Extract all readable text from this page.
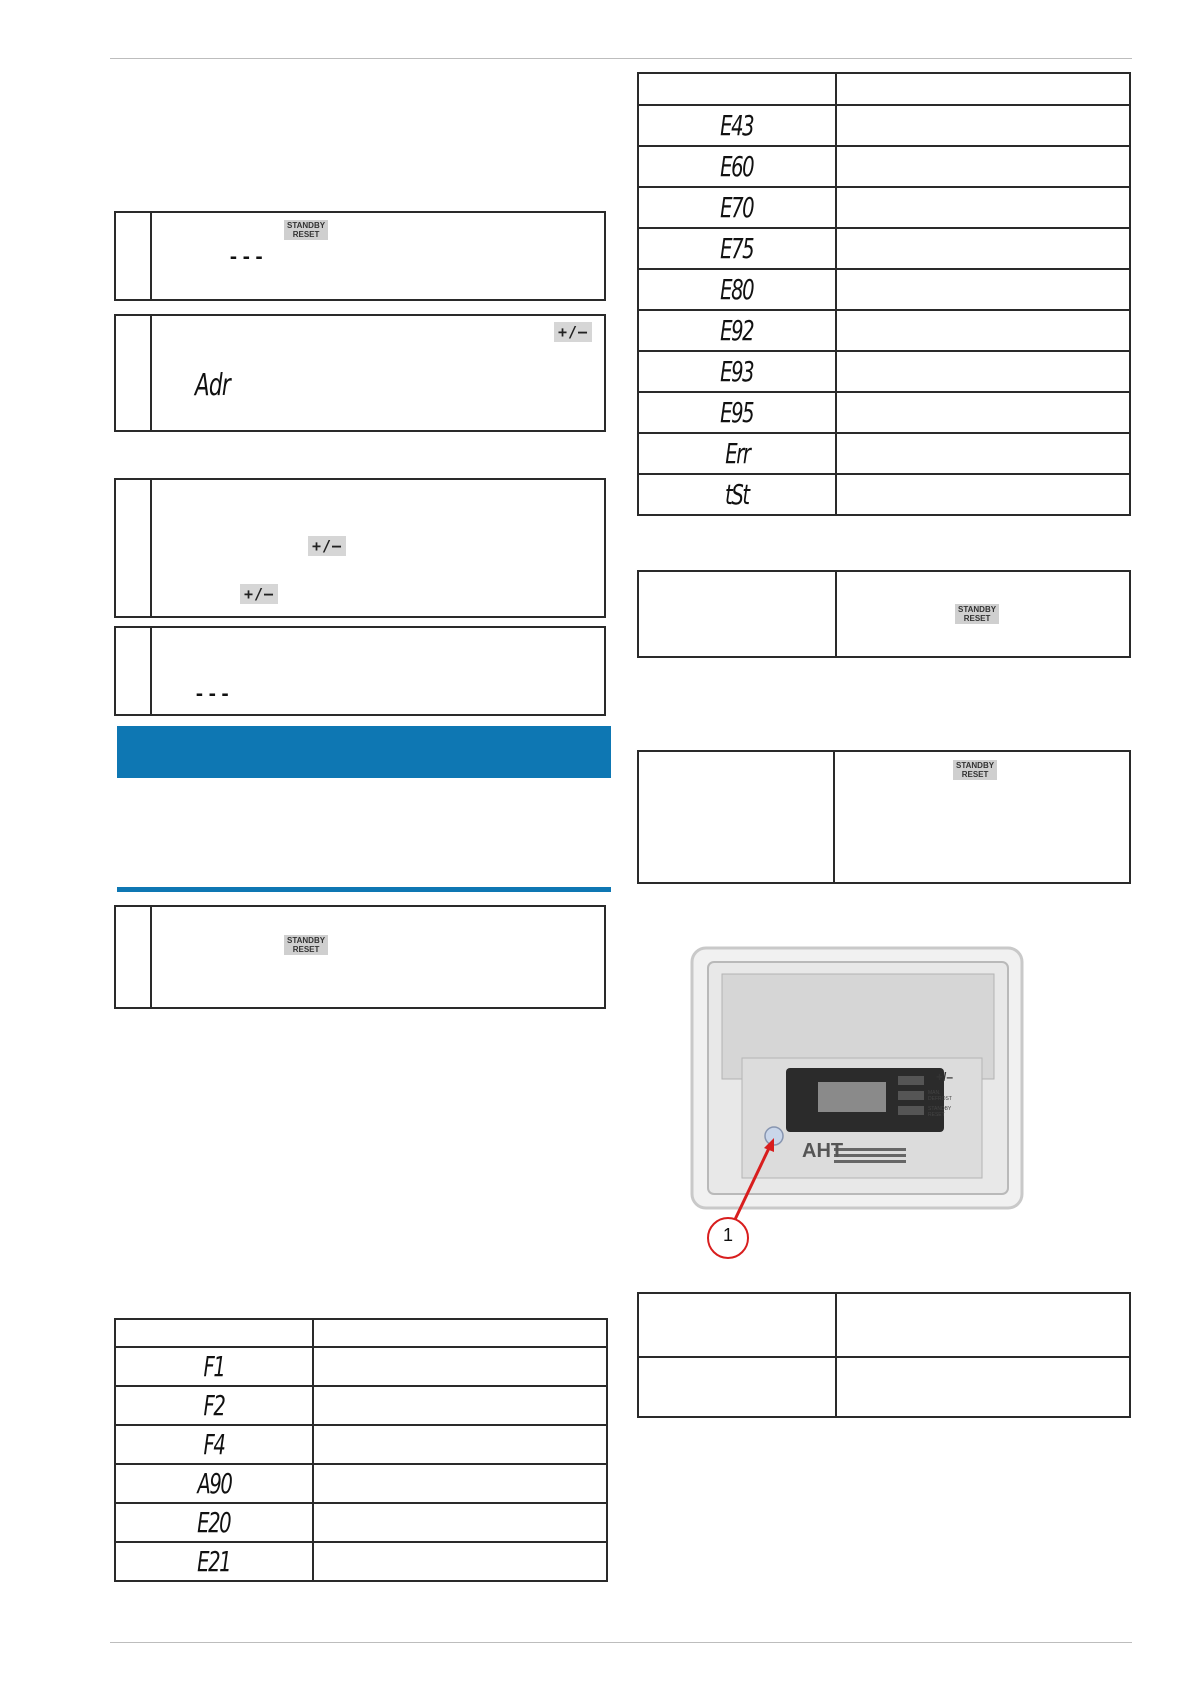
STANDBY
RESET
---
+/–
Adr
+/–
+/–
---
STANDBY
RESET

F1	
F2	
F4	
A90	
E20	
E21	

E43	
E60	
E70	
E75	
E80	
E92	
E93	
E95	
Err	
tSt	

STANDBY
RESET

STANDBY
RESET
AHT
+/–
MAN. DEFROST
STANDBY RESET
1
